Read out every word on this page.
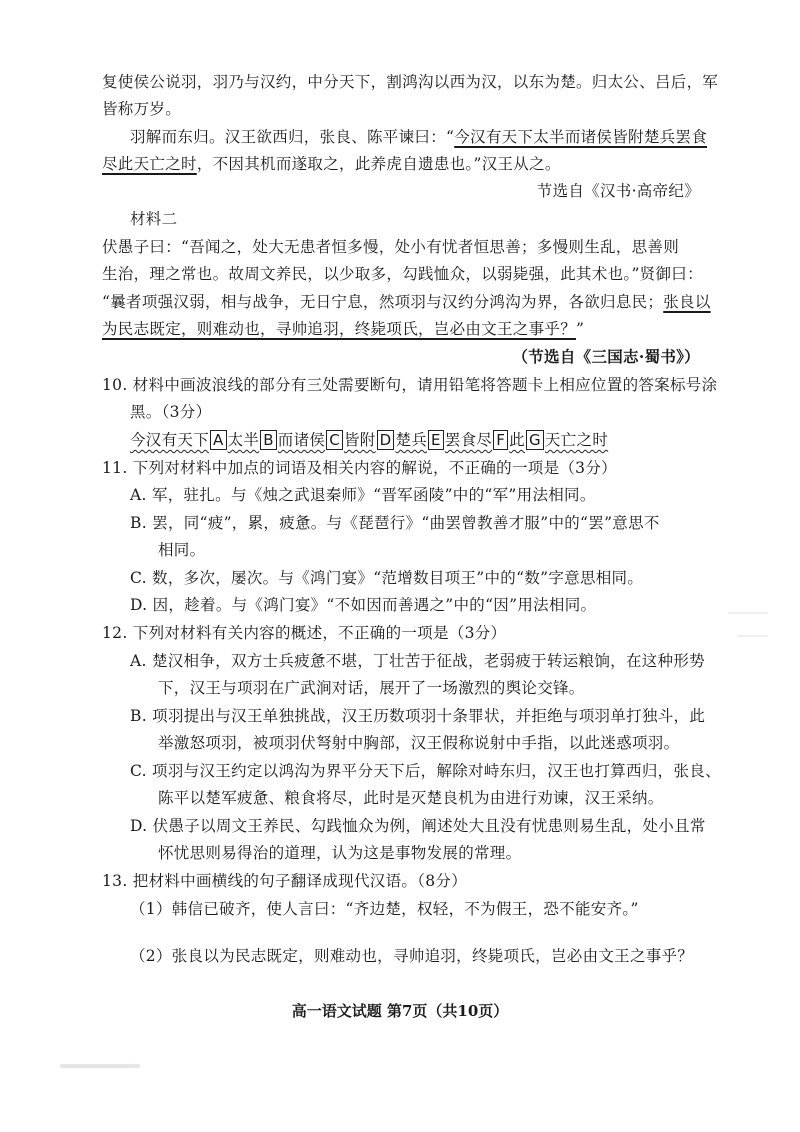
复使侯公说羽，羽乃与汉约，中分天下，割鸿沟以西为汉，以东为楚。归太公、吕后，军
皆称万岁。
羽解而东归。汉王欲西归，张良、陈平谏曰：“今汉有天下太半而诸侯皆附楚兵罢食
尽此天亡之时，不因其机而遂取之，此养虎自遗患也。”汉王从之。
节选自《汉书·高帝纪》
材料二
伏愚子曰：“吾闻之，处大无患者恒多慢，处小有忧者恒思善；多慢则生乱，思善则
生治，理之常也。故周文养民，以少取多，勾践恤众，以弱毙强，此其术也。”贤御曰：
“曩者项强汉弱，相与战争，无日宁息，然项羽与汉约分鸿沟为界，各欲归息民；张良以
为民志既定，则难动也，寻帅追羽，终毙项氏，岂必由文王之事乎？”
（节选自《三国志·蜀书》）
10. 材料中画波浪线的部分有三处需要断句，请用铅笔将答题卡上相应位置的答案标号涂
黑。（3分）
今汉有天下 A 太半 B 而诸侯 C 皆附 D 楚兵 E 罢食尽 F 此 G 天亡之时
11. 下列对材料中加点的词语及相关内容的解说，不正确的一项是（3分）
A. 军，驻扎。与《烛之武退秦师》“晋军函陵”中的“军”用法相同。
B. 罢，同“疲”，累，疲惫。与《琵琶行》“曲罢曾教善才服”中的“罢”意思不
相同。
C. 数，多次，屡次。与《鸿门宴》“范增数目项王”中的“数”字意思相同。
D. 因，趁着。与《鸿门宴》“不如因而善遇之”中的“因”用法相同。
12. 下列对材料有关内容的概述，不正确的一项是（3分）
A. 楚汉相争，双方士兵疲惫不堪，丁壮苦于征战，老弱疲于转运粮饷，在这种形势
下，汉王与项羽在广武涧对话，展开了一场激烈的舆论交锋。
B. 项羽提出与汉王单独挑战，汉王历数项羽十条罪状，并拒绝与项羽单打独斗，此
举激怒项羽，被项羽伏弩射中胸部，汉王假称说射中手指，以此迷惑项羽。
C. 项羽与汉王约定以鸿沟为界平分天下后，解除对峙东归，汉王也打算西归，张良、
陈平以楚军疲惫、粮食将尽，此时是灭楚良机为由进行劝谏，汉王采纳。
D. 伏愚子以周文王养民、勾践恤众为例，阐述处大且没有忧患则易生乱，处小且常
怀忧思则易得治的道理，认为这是事物发展的常理。
13. 把材料中画横线的句子翻译成现代汉语。（8分）
（1）韩信已破齐，使人言曰：“齐边楚，权轻，不为假王，恐不能安齐。”
（2）张良以为民志既定，则难动也，寻帅追羽，终毙项氏，岂必由文王之事乎？
高一语文试题 第7页（共10页）
